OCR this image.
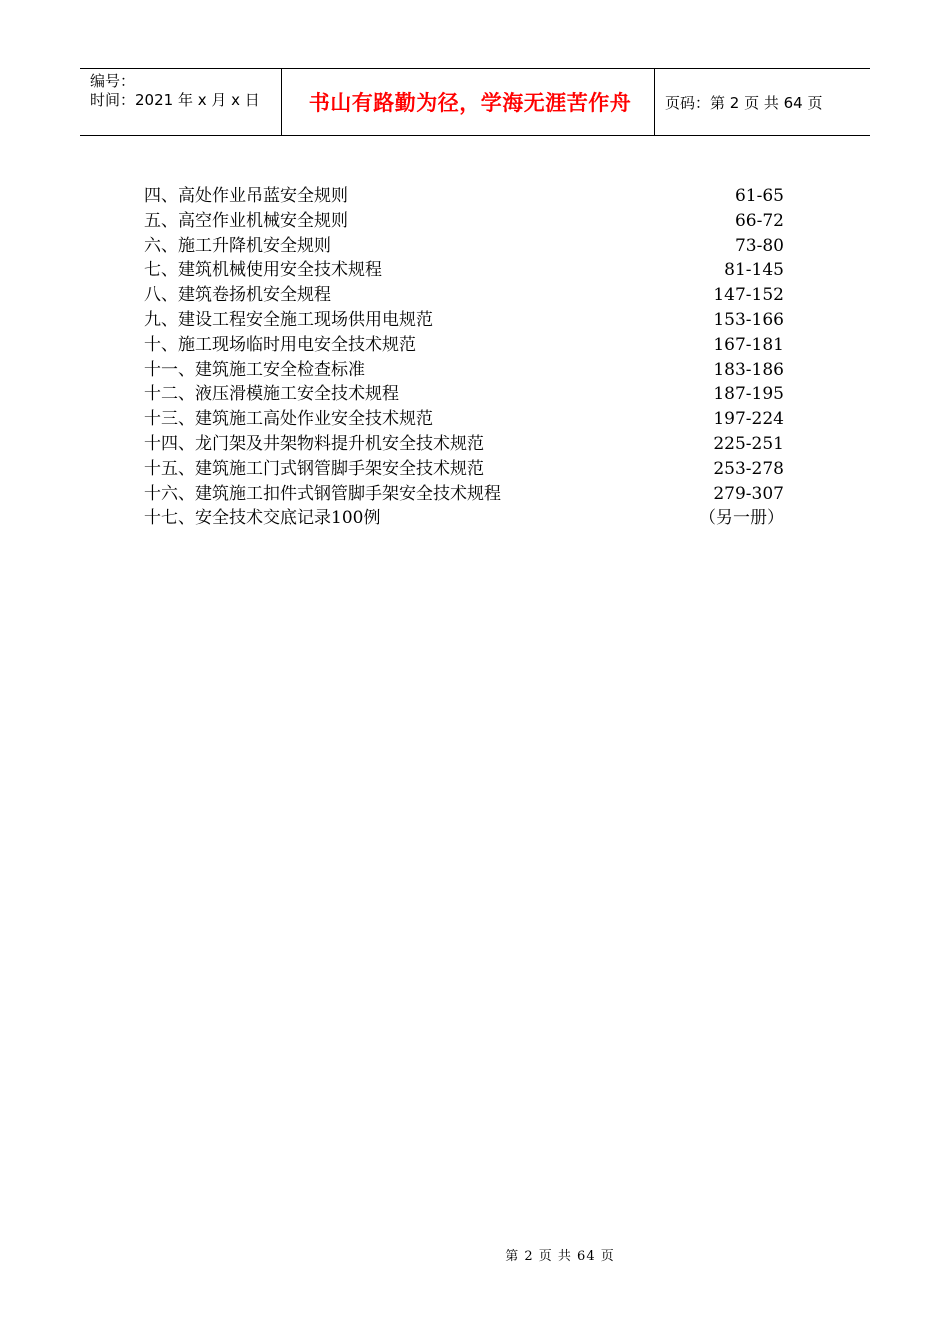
编号：
时间：2021 年 x 月 x 日	书山有路勤为径，学海无涯苦作舟 页码：第 2 页 共 64 页
四、高处作业吊蓝安全规则	61-65
五、高空作业机械安全规则	66-72
六、施工升降机安全规则	73-80
七、建筑机械使用安全技术规程	81-145
八、建筑卷扬机安全规程	147-152
九、建设工程安全施工现场供用电规范	153-166
十、施工现场临时用电安全技术规范	167-181
十一、建筑施工安全检查标准	183-186
十二、液压滑模施工安全技术规程	187-195
十三、建筑施工高处作业安全技术规范	197-224
十四、龙门架及井架物料提升机安全技术规范	225-251
十五、建筑施工门式钢管脚手架安全技术规范	253-278
十六、建筑施工扣件式钢管脚手架安全技术规程	279-307
十七、安全技术交底记录100例	（另一册）
第 2 页 共 64 页
